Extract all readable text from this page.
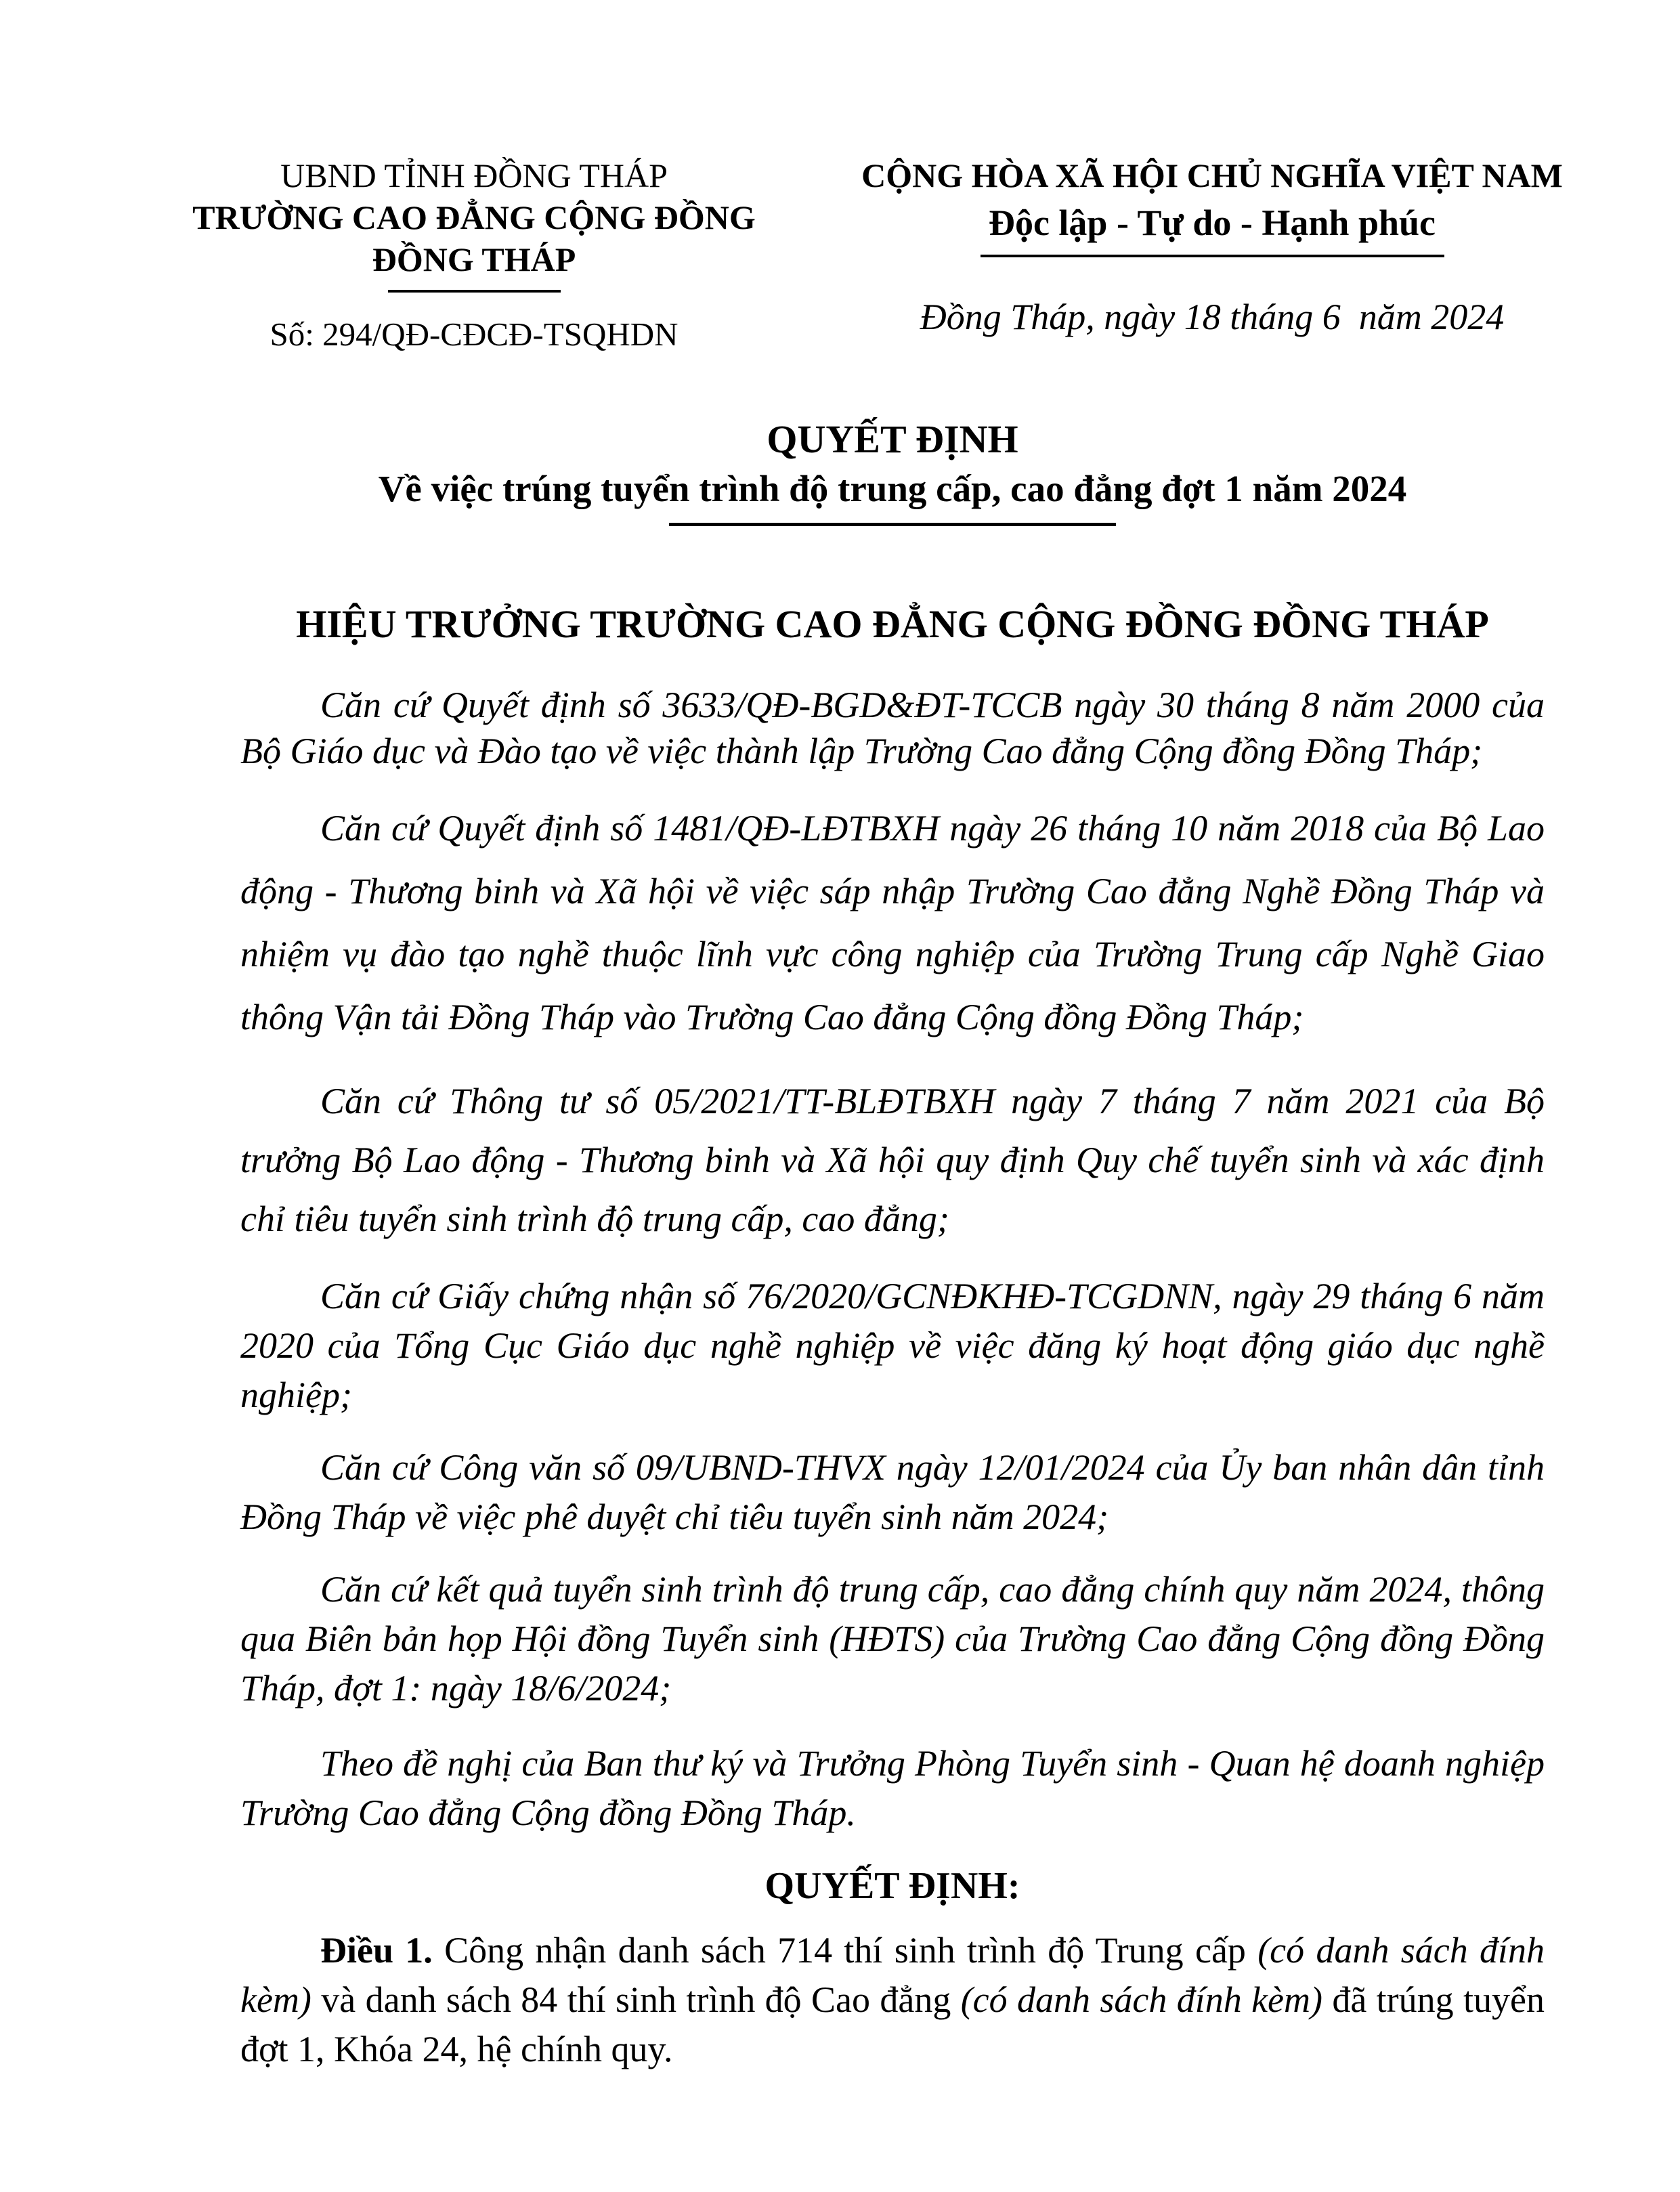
UBND TỈNH ĐỒNG THÁP
TRƯỜNG CAO ĐẲNG CỘNG ĐỒNG
ĐỒNG THÁP
Số: 294/QĐ-CĐCĐ-TSQHDN
CỘNG HÒA XÃ HỘI CHỦ NGHĨA VIỆT NAM
Độc lập - Tự do - Hạnh phúc
Đồng Tháp, ngày 18 tháng 6  năm 2024
QUYẾT ĐỊNH
Về việc trúng tuyển trình độ trung cấp, cao đẳng đợt 1 năm 2024
HIỆU TRƯỞNG TRƯỜNG CAO ĐẲNG CỘNG ĐỒNG ĐỒNG THÁP

Căn cứ Quyết định số 3633/QĐ-BGD&ĐT-TCCB ngày 30 tháng 8 năm 2000 của Bộ Giáo dục và Đào tạo về việc thành lập Trường Cao đẳng Cộng đồng Đồng Tháp;

Căn cứ Quyết định số 1481/QĐ-LĐTBXH ngày 26 tháng 10 năm 2018 của Bộ Lao động - Thương binh và Xã hội về việc sáp nhập Trường Cao đẳng Nghề Đồng Tháp và nhiệm vụ đào tạo nghề thuộc lĩnh vực công nghiệp của Trường Trung cấp Nghề Giao thông Vận tải Đồng Tháp vào Trường Cao đẳng Cộng đồng Đồng Tháp;

Căn cứ Thông tư số 05/2021/TT-BLĐTBXH ngày 7 tháng 7 năm 2021 của Bộ trưởng Bộ Lao động - Thương binh và Xã hội quy định Quy chế tuyển sinh và xác định chỉ tiêu tuyển sinh trình độ trung cấp, cao đẳng;

Căn cứ Giấy chứng nhận số 76/2020/GCNĐKHĐ-TCGDNN, ngày 29 tháng 6 năm 2020 của Tổng Cục Giáo dục nghề nghiệp về việc đăng ký hoạt động giáo dục nghề nghiệp;

Căn cứ Công văn số 09/UBND-THVX ngày 12/01/2024 của Ủy ban nhân dân tỉnh Đồng Tháp về việc phê duyệt chỉ tiêu tuyển sinh năm 2024;

Căn cứ kết quả tuyển sinh trình độ trung cấp, cao đẳng chính quy năm 2024, thông qua Biên bản họp Hội đồng Tuyển sinh (HĐTS) của Trường Cao đẳng Cộng đồng Đồng Tháp, đợt 1: ngày 18/6/2024;

Theo đề nghị của Ban thư ký và Trưởng Phòng Tuyển sinh - Quan hệ doanh nghiệp Trường Cao đẳng Cộng đồng Đồng Tháp.

QUYẾT ĐỊNH:

Điều 1. Công nhận danh sách 714 thí sinh trình độ Trung cấp (có danh sách đính kèm) và danh sách 84 thí sinh trình độ Cao đẳng (có danh sách đính kèm) đã trúng tuyển đợt 1, Khóa 24, hệ chính quy.
